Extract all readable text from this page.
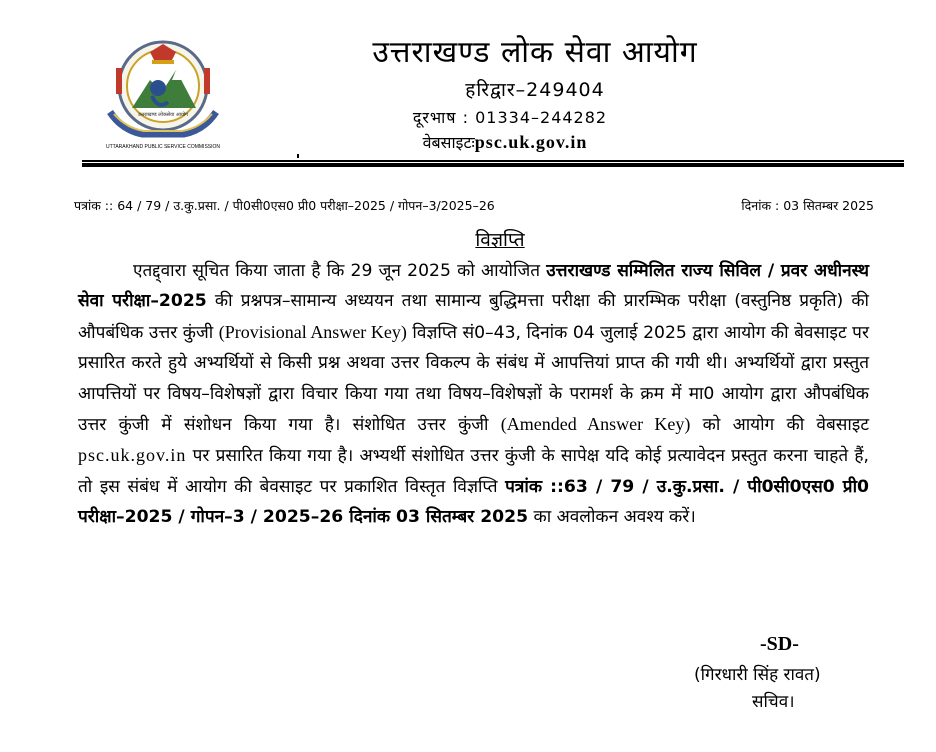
उत्तराखण्ड लोकसेवा आयोग
UTTARAKHAND PUBLIC SERVICE COMMISSION
उत्तराखण्ड लोक सेवा आयोग
हरिद्वार–249404
दूरभाष : 01334–244282
वेबसाइटःpsc.uk.gov.in
पत्रांक :: 64 / 79 / उ.कु.प्रसा. / पी0सी0एस0 प्री0 परीक्षा–2025 / गोपन–3/2025–26	दिनांक : 03 सितम्बर 2025
विज्ञप्ति
एतद्द्वारा सूचित किया जाता है कि 29 जून 2025 को आयोजित उत्तराखण्ड सम्मिलित राज्य सिविल / प्रवर अधीनस्थ सेवा परीक्षा–2025 की प्रश्नपत्र–सामान्य अध्ययन तथा सामान्य बुद्धिमत्ता परीक्षा की प्रारम्भिक परीक्षा (वस्तुनिष्ठ प्रकृति) की औपबंधिक उत्तर कुंजी (Provisional Answer Key) विज्ञप्ति सं0–43, दिनांक 04 जुलाई 2025 द्वारा आयोग की बेवसाइट पर प्रसारित करते हुये अभ्यर्थियों से किसी प्रश्न अथवा उत्तर विकल्प के संबंध में आपत्तियां प्राप्त की गयी थी। अभ्यर्थियों द्वारा प्रस्तुत आपत्तियों पर विषय–विशेषज्ञों द्वारा विचार किया गया तथा विषय–विशेषज्ञों के परामर्श के क्रम में मा0 आयोग द्वारा औपबंधिक उत्तर कुंजी में संशोधन किया गया है। संशोधित उत्तर कुंजी (Amended Answer Key) को आयोग की वेबसाइट psc.uk.gov.in पर प्रसारित किया गया है। अभ्यर्थी संशोधित उत्तर कुंजी के सापेक्ष यदि कोई प्रत्यावेदन प्रस्तुत करना चाहते हैं, तो इस संबंध में आयोग की बेवसाइट पर प्रकाशित विस्तृत विज्ञप्ति पत्रांक ::63 / 79 / उ.कु.प्रसा. / पी0सी0एस0 प्री0 परीक्षा–2025 / गोपन–3 / 2025–26 दिनांक 03 सितम्बर 2025 का अवलोकन अवश्य करें।
-SD-
(गिरधारी सिंह रावत)
सचिव।
